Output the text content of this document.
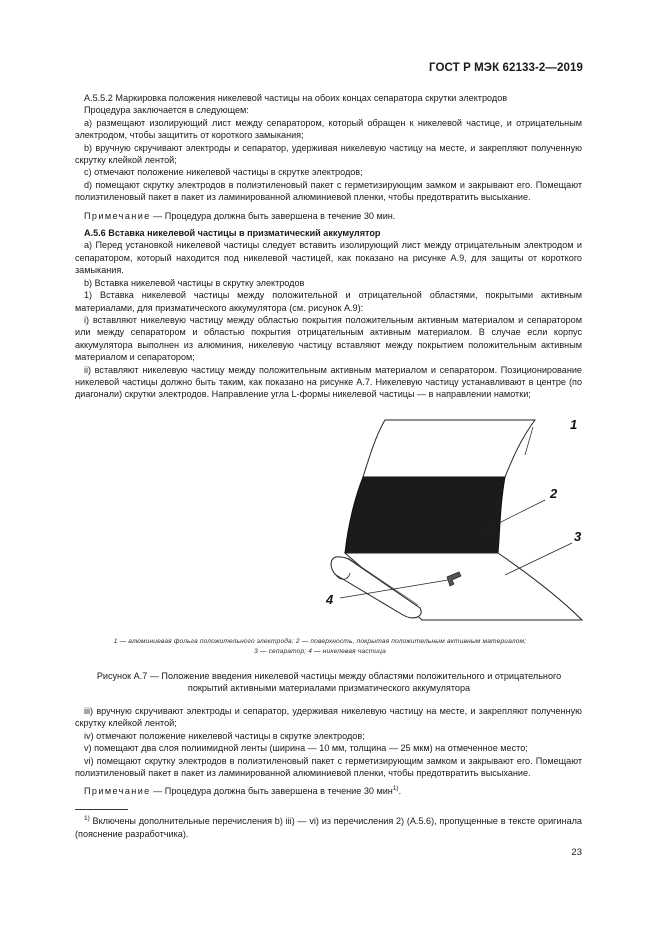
ГОСТ Р МЭК 62133-2—2019

А.5.5.2 Маркировка положения никелевой частицы на обоих концах сепаратора скрутки электродов

Процедура заключается в следующем:

а) размещают изолирующий лист между сепаратором, который обращен к никелевой частице, и отрицательным электродом, чтобы защитить от короткого замыкания;

b) вручную скручивают электроды и сепаратор, удерживая никелевую частицу на месте, и закрепляют полученную скрутку клейкой лентой;

с) отмечают положение никелевой частицы в скрутке электродов;

d) помещают скрутку электродов в полиэтиленовый пакет с герметизирующим замком и закрывают его. Помещают полиэтиленовый пакет в пакет из ламинированной алюминиевой пленки, чтобы предотвратить высыхание.

Примечание — Процедура должна быть завершена в течение 30 мин.

А.5.6 Вставка никелевой частицы в призматический аккумулятор

а) Перед установкой никелевой частицы следует вставить изолирующий лист между отрицательным электродом и сепаратором, который находится под никелевой частицей, как показано на рисунке А.9, для защиты от короткого замыкания.

b) Вставка никелевой частицы в скрутку электродов

1) Вставка никелевой частицы между положительной и отрицательной областями, покрытыми активным материалами, для призматического аккумулятора (см. рисунок А.9):

i) вставляют никелевую частицу между областью покрытия положительным активным материалом и сепаратором или между сепаратором и областью покрытия отрицательным активным материалом. В случае если корпус аккумулятора выполнен из алюминия, никелевую частицу вставляют между покрытием положительным активным материалом и сепаратором;

ii) вставляют никелевую частицу между положительным активным материалом и сепаратором. Позиционирование никелевой частицы должно быть таким, как показано на рисунке А.7. Никелевую частицу устанавливают в центре (по диагонали) скрутки электродов. Направление угла L-формы никелевой частицы — в направлении намотки;

1
2
3
4
1 — алюминиевая фольга положительного электрода; 2 — поверхность, покрытая положительным активным материалом;
3 — сепаратор; 4 — никелевая частица
Рисунок А.7 — Положение введения никелевой частицы между областями положительного и отрицательного
покрытий активными материалами призматического аккумулятора

iii) вручную скручивают электроды и сепаратор, удерживая никелевую частицу на месте, и закрепляют полученную скрутку клейкой лентой;

iv) отмечают положение никелевой частицы в скрутке электродов;

v) помещают два слоя полиимидной ленты (ширина — 10 мм, толщина — 25 мкм) на отмеченное место;

vi) помещают скрутку электродов в полиэтиленовый пакет с герметизирующим замком и закрывают его. Помещают полиэтиленовый пакет в пакет из ламинированной алюминиевой пленки, чтобы предотвратить высыхание.

Примечание — Процедура должна быть завершена в течение 30 мин$^{1)}$.

$^{1)}$ Включены дополнительные перечисления b) iii) — vi) из перечисления 2) (А.5.6), пропущенные в тексте оригинала (пояснение разработчика).

23
